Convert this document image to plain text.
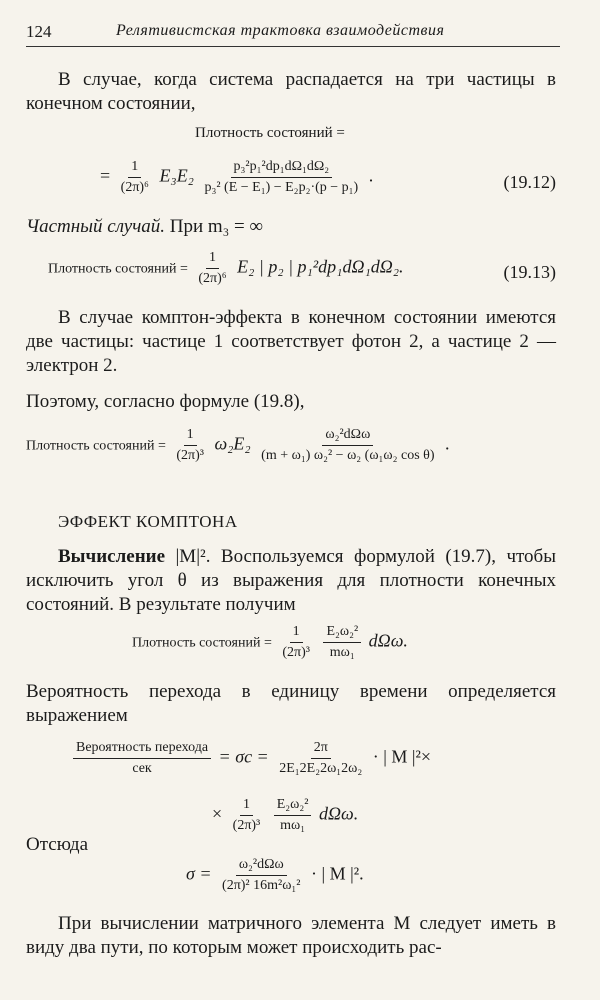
124	Релятивистская трактовка взаимодействия
В случае, когда система распадается на три частицы в конечном состоянии,
Плотность состояний =
= $\frac{1}{\text{(2π)⁶}} E_3E_2 \frac{\text{p₃²p₁²dp₁dΩ₁dΩ₂}}{\text{p₃² (E − E₁) − E₂p₂·(p − p₁)}}$ .	(19.12)
Частный случай. При m₃ = ∞
Плотность состояний = $\frac{1}{\text{(2π)⁶}} E_2$ | p₂ | p₁²dp₁dΩ₁dΩ₂.	(19.13)
В случае комптон-эффекта в конечном состоянии имеются две частицы: частице 1 соответствует фотон 2, а частице 2 — электрон 2.
Поэтому, согласно формуле (19.8),
Плотность состояний = $\frac{1}{\text{(2π)³}} \omega_2E_2 \frac{\text{ω₂²dΩω}}{\text{(m + ω₁) ω₂² − ω₂ (ω₁ω₂ cos θ)}}$ .
ЭФФЕКТ КОМПТОНА
Вычисление |M|². Воспользуемся формулой (19.7), чтобы исключить угол θ из выражения для плотности конечных состояний. В результате получим
Плотность состояний = $\frac{1}{\text{(2π)³}}$
$\frac{\text{E₂ω₂²}}{\text{mω₁}} d\Omega\omega$.
Вероятность перехода в единицу времени определяется выражением
$\frac{\text{Вероятность перехода}}{\text{сек}} = \sigma c = \frac{2\pi}{\text{2E₁2E₂2ω₁2ω₂}}$ · | M |²×
× $\frac{1}{\text{(2π)³}}$
$\frac{\text{E₂ω₂²}}{\text{mω₁}} d\Omega\omega$.
Отсюда
$\sigma = \frac{\text{ω₂²dΩω}}{\text{(2π)² 16m²ω₁²}}$ · | M |².
При вычислении матричного элемента M следует иметь в виду два пути, по которым может происходить рас-
